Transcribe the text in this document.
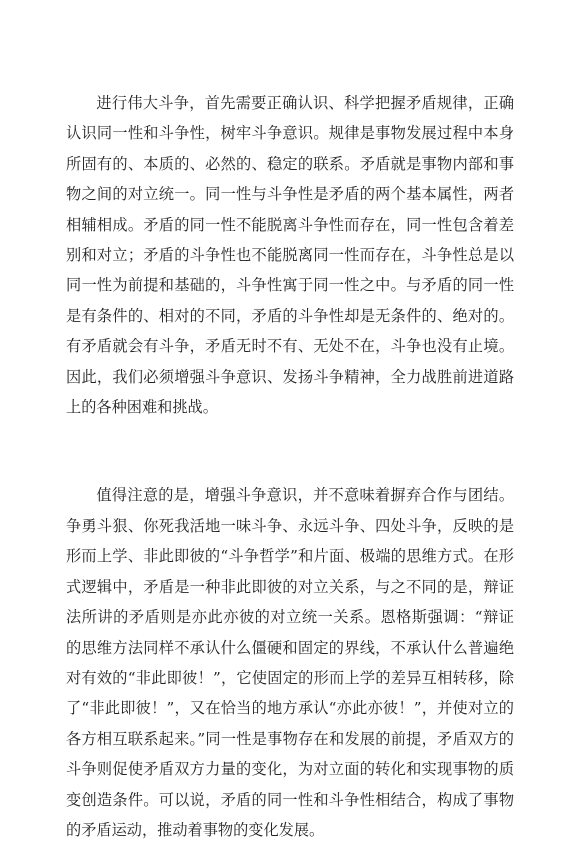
进行伟大斗争，首先需要正确认识、科学把握矛盾规律，正确认识同一性和斗争性，树牢斗争意识。规律是事物发展过程中本身所固有的、本质的、必然的、稳定的联系。矛盾就是事物内部和事物之间的对立统一。同一性与斗争性是矛盾的两个基本属性，两者相辅相成。矛盾的同一性不能脱离斗争性而存在，同一性包含着差别和对立；矛盾的斗争性也不能脱离同一性而存在，斗争性总是以同一性为前提和基础的，斗争性寓于同一性之中。与矛盾的同一性是有条件的、相对的不同，矛盾的斗争性却是无条件的、绝对的。有矛盾就会有斗争，矛盾无时不有、无处不在，斗争也没有止境。因此，我们必须增强斗争意识、发扬斗争精神，全力战胜前进道路上的各种困难和挑战。

值得注意的是，增强斗争意识，并不意味着摒弃合作与团结。争勇斗狠、你死我活地一味斗争、永远斗争、四处斗争，反映的是形而上学、非此即彼的“斗争哲学”和片面、极端的思维方式。在形式逻辑中，矛盾是一种非此即彼的对立关系，与之不同的是，辩证法所讲的矛盾则是亦此亦彼的对立统一关系。恩格斯强调：“辩证的思维方法同样不承认什么僵硬和固定的界线，不承认什么普遍绝对有效的“非此即彼！”，它使固定的形而上学的差异互相转移，除了“非此即彼！”，又在恰当的地方承认“亦此亦彼！”，并使对立的各方相互联系起来。”同一性是事物存在和发展的前提，矛盾双方的斗争则促使矛盾双方力量的变化，为对立面的转化和实现事物的质变创造条件。可以说，矛盾的同一性和斗争性相结合，构成了事物的矛盾运动，推动着事物的变化发展。
